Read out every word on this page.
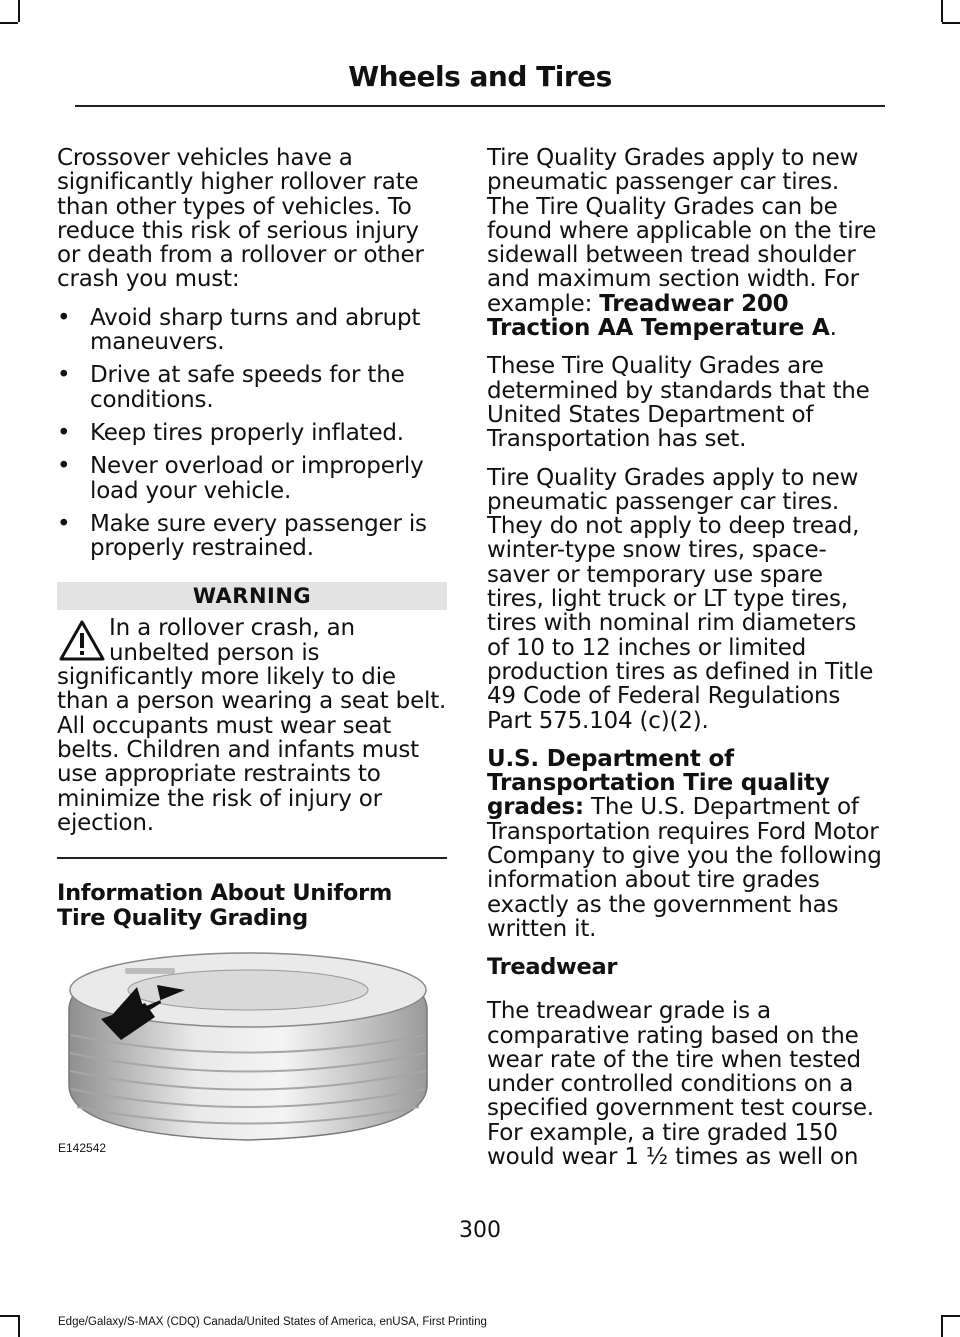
Wheels and Tires

Crossover vehicles have a significantly higher rollover rate than other types of vehicles. To reduce this risk of serious injury or death from a rollover or other crash you must:

• Avoid sharp turns and abrupt maneuvers.
• Drive at safe speeds for the conditions.
• Keep tires properly inflated.
• Never overload or improperly load your vehicle.
• Make sure every passenger is properly restrained.
WARNING
In a rollover crash, an unbelted person is
significantly more likely to die than a person wearing a seat belt. All occupants must wear seat belts. Children and infants must use appropriate restraints to minimize the risk of injury or ejection.
Information About Uniform Tire Quality Grading
E142542

Tire Quality Grades apply to new pneumatic passenger car tires. The Tire Quality Grades can be found where applicable on the tire sidewall between tread shoulder and maximum section width. For example: Treadwear 200 Traction AA Temperature A.

These Tire Quality Grades are determined by standards that the United States Department of Transportation has set.

Tire Quality Grades apply to new pneumatic passenger car tires. They do not apply to deep tread, winter-type snow tires, space-saver or temporary use spare tires, light truck or LT type tires, tires with nominal rim diameters of 10 to 12 inches or limited production tires as defined in Title 49 Code of Federal Regulations Part 575.104 (c)(2).

U.S. Department of Transportation Tire quality grades: The U.S. Department of Transportation requires Ford Motor Company to give you the following information about tire grades exactly as the government has written it.

Treadwear

The treadwear grade is a comparative rating based on the wear rate of the tire when tested under controlled conditions on a specified government test course. For example, a tire graded 150 would wear 1 ½ times as well on

300
Edge/Galaxy/S-MAX (CDQ) Canada/United States of America, enUSA, First Printing
